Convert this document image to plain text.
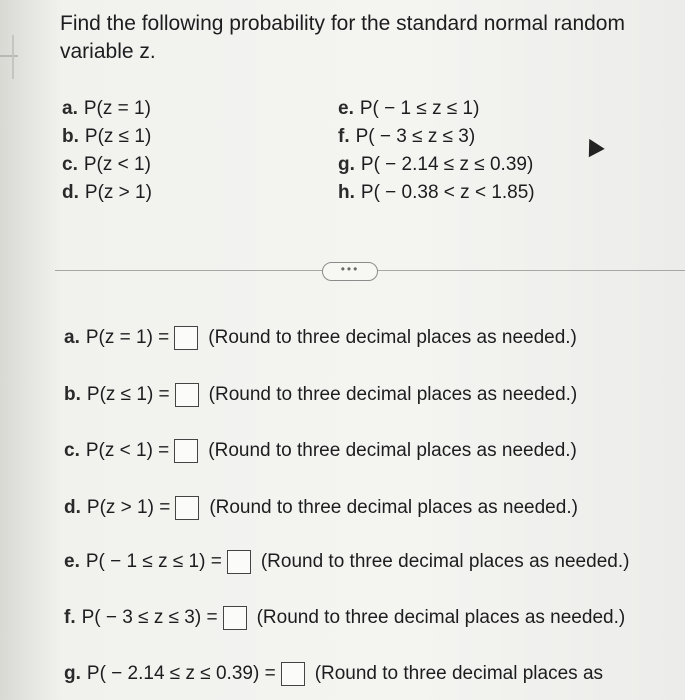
Find the following probability for the standard normal random variable z.
a. P(z = 1)
b. P(z ≤ 1)
c. P(z < 1)
d. P(z > 1)
e. P( − 1 ≤ z ≤ 1)
f. P( − 3 ≤ z ≤ 3)
g. P( − 2.14 ≤ z ≤ 0.39)
h. P( − 0.38 < z < 1.85)
•••
a. P(z = 1) = (Round to three decimal places as needed.)
b. P(z ≤ 1) = (Round to three decimal places as needed.)
c. P(z < 1) = (Round to three decimal places as needed.)
d. P(z > 1) = (Round to three decimal places as needed.)
e. P( − 1 ≤ z ≤ 1) = (Round to three decimal places as needed.)
f. P( − 3 ≤ z ≤ 3) = (Round to three decimal places as needed.)
g. P( − 2.14 ≤ z ≤ 0.39) = (Round to three decimal places as
